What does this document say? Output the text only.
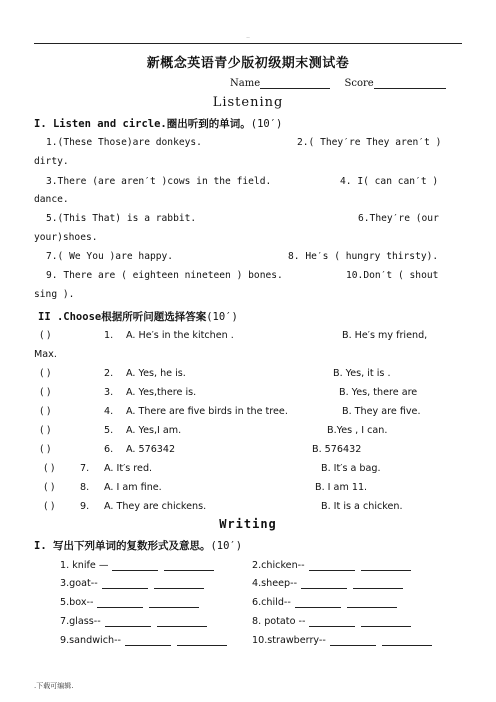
..
新概念英语青少版初级期末测试卷
Name	Score
Listening
I. Listen and circle.圈出听到的单词。(10′)
1.(These Those)are donkeys.	2.( They′re They aren′t )
dirty.
3.There (are aren′t )cows in the field.	4. I( can can′t )
dance.
5.(This That) is a rabbit.	6.They′re (our
your)shoes.
7.( We You )are happy.	8. He′s ( hungry thirsty).
9. There are ( eighteen nineteen ) bones.	10.Don′t ( shout
sing ).
II .Choose根据所听问题选择答案(10′)
( )	1. A. He′s in the kitchen .	B. He′s my friend,
Max.
( )	2. A. Yes, he is.	B. Yes, it is .
( )	3. A. Yes,there is.	B. Yes, there are
( )	4. A. There are five birds in the tree.	B. They are five.
( )	5. A. Yes,I am.	B.Yes , I can.
( )	6. A. 576342	B. 576432
( )	7. A. It′s red.	B. It′s a bag.
( )	8. A. I am fine.	B. I am 11.
( )	9. A. They are chickens.	B. It is a chicken.
Writing
I. 写出下列单词的复数形式及意思。(10′)
1. knife —	2.chicken--
3.goat--	4.sheep--
5.box--	6.child--
7.glass--	8. potato --
9.sandwich--	10.strawberry--
.下载可编辑.
